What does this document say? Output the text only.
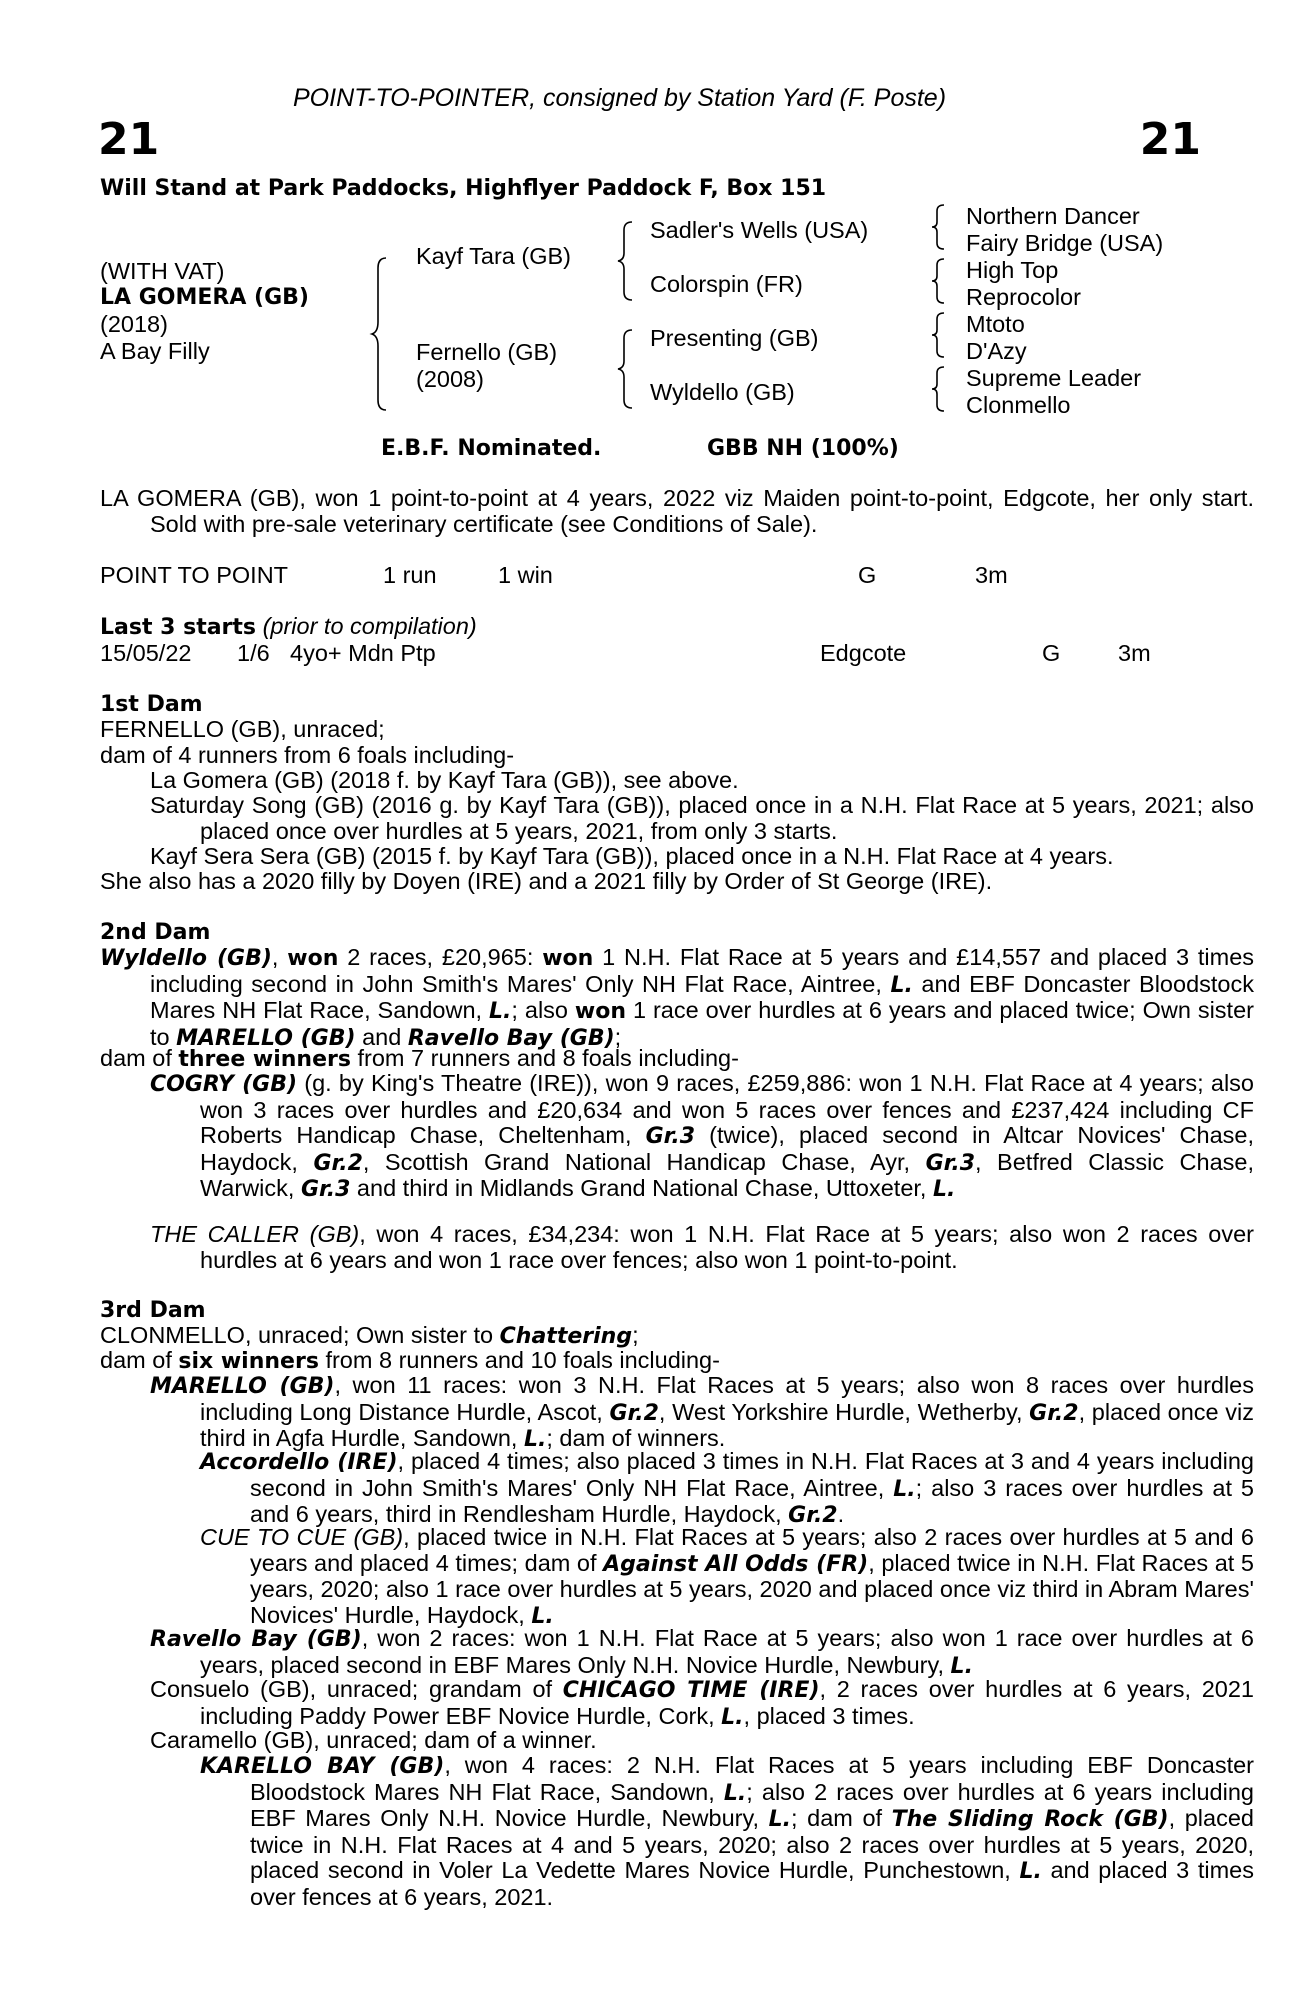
POINT-TO-POINTER, consigned by Station Yard (F. Poste)
21	21
Will Stand at Park Paddocks, Highflyer Paddock F, Box 151
(WITH VAT)
LA GOMERA (GB)
(2018)
A Bay Filly
Kayf Tara (GB)
Fernello (GB)
(2008)
Sadler's Wells (USA)
Colorspin (FR)
Presenting (GB)
Wyldello (GB)
Northern Dancer
Fairy Bridge (USA)
High Top
Reprocolor
Mtoto
D'Azy
Supreme Leader
Clonmello
E.B.F. Nominated.	GBB NH (100%)
LA GOMERA (GB), won 1 point-to-point at 4 years, 2022 viz Maiden point-to-point, Edgcote, her only start. Sold with pre-sale veterinary certificate (see Conditions of Sale).
POINT TO POINT	1 run	1 win	G	3m
Last 3 starts (prior to compilation)
15/05/22 1/6 4yo+ Mdn Ptp	Edgcote	G 3m
1st Dam
FERNELLO (GB), unraced;
dam of 4 runners from 6 foals including-
La Gomera (GB) (2018 f. by Kayf Tara (GB)), see above.
Saturday Song (GB) (2016 g. by Kayf Tara (GB)), placed once in a N.H. Flat Race at 5 years, 2021; also placed once over hurdles at 5 years, 2021, from only 3 starts.
Kayf Sera Sera (GB) (2015 f. by Kayf Tara (GB)), placed once in a N.H. Flat Race at 4 years.
She also has a 2020 filly by Doyen (IRE) and a 2021 filly by Order of St George (IRE).
2nd Dam
Wyldello (GB), won 2 races, £20,965: won 1 N.H. Flat Race at 5 years and £14,557 and placed 3 times including second in John Smith's Mares' Only NH Flat Race, Aintree, L. and EBF Doncaster Bloodstock Mares NH Flat Race, Sandown, L.; also won 1 race over hurdles at 6 years and placed twice; Own sister to MARELLO (GB) and Ravello Bay (GB);
dam of three winners from 7 runners and 8 foals including-
COGRY (GB) (g. by King's Theatre (IRE)), won 9 races, £259,886: won 1 N.H. Flat Race at 4 years; also won 3 races over hurdles and £20,634 and won 5 races over fences and £237,424 including CF Roberts Handicap Chase, Cheltenham, Gr.3 (twice), placed second in Altcar Novices' Chase, Haydock, Gr.2, Scottish Grand National Handicap Chase, Ayr, Gr.3, Betfred Classic Chase, Warwick, Gr.3 and third in Midlands Grand National Chase, Uttoxeter, L.
THE CALLER (GB), won 4 races, £34,234: won 1 N.H. Flat Race at 5 years; also won 2 races over hurdles at 6 years and won 1 race over fences; also won 1 point-to-point.
3rd Dam
CLONMELLO, unraced; Own sister to Chattering;
dam of six winners from 8 runners and 10 foals including-
MARELLO (GB), won 11 races: won 3 N.H. Flat Races at 5 years; also won 8 races over hurdles including Long Distance Hurdle, Ascot, Gr.2, West Yorkshire Hurdle, Wetherby, Gr.2, placed once viz third in Agfa Hurdle, Sandown, L.; dam of winners.
Accordello (IRE), placed 4 times; also placed 3 times in N.H. Flat Races at 3 and 4 years including second in John Smith's Mares' Only NH Flat Race, Aintree, L.; also 3 races over hurdles at 5 and 6 years, third in Rendlesham Hurdle, Haydock, Gr.2.
CUE TO CUE (GB), placed twice in N.H. Flat Races at 5 years; also 2 races over hurdles at 5 and 6 years and placed 4 times; dam of Against All Odds (FR), placed twice in N.H. Flat Races at 5 years, 2020; also 1 race over hurdles at 5 years, 2020 and placed once viz third in Abram Mares' Novices' Hurdle, Haydock, L.
Ravello Bay (GB), won 2 races: won 1 N.H. Flat Race at 5 years; also won 1 race over hurdles at 6 years, placed second in EBF Mares Only N.H. Novice Hurdle, Newbury, L.
Consuelo (GB), unraced; grandam of CHICAGO TIME (IRE), 2 races over hurdles at 6 years, 2021 including Paddy Power EBF Novice Hurdle, Cork, L., placed 3 times.
Caramello (GB), unraced; dam of a winner.
KARELLO BAY (GB), won 4 races: 2 N.H. Flat Races at 5 years including EBF Doncaster Bloodstock Mares NH Flat Race, Sandown, L.; also 2 races over hurdles at 6 years including EBF Mares Only N.H. Novice Hurdle, Newbury, L.; dam of The Sliding Rock (GB), placed twice in N.H. Flat Races at 4 and 5 years, 2020; also 2 races over hurdles at 5 years, 2020, placed second in Voler La Vedette Mares Novice Hurdle, Punchestown, L. and placed 3 times over fences at 6 years, 2021.
